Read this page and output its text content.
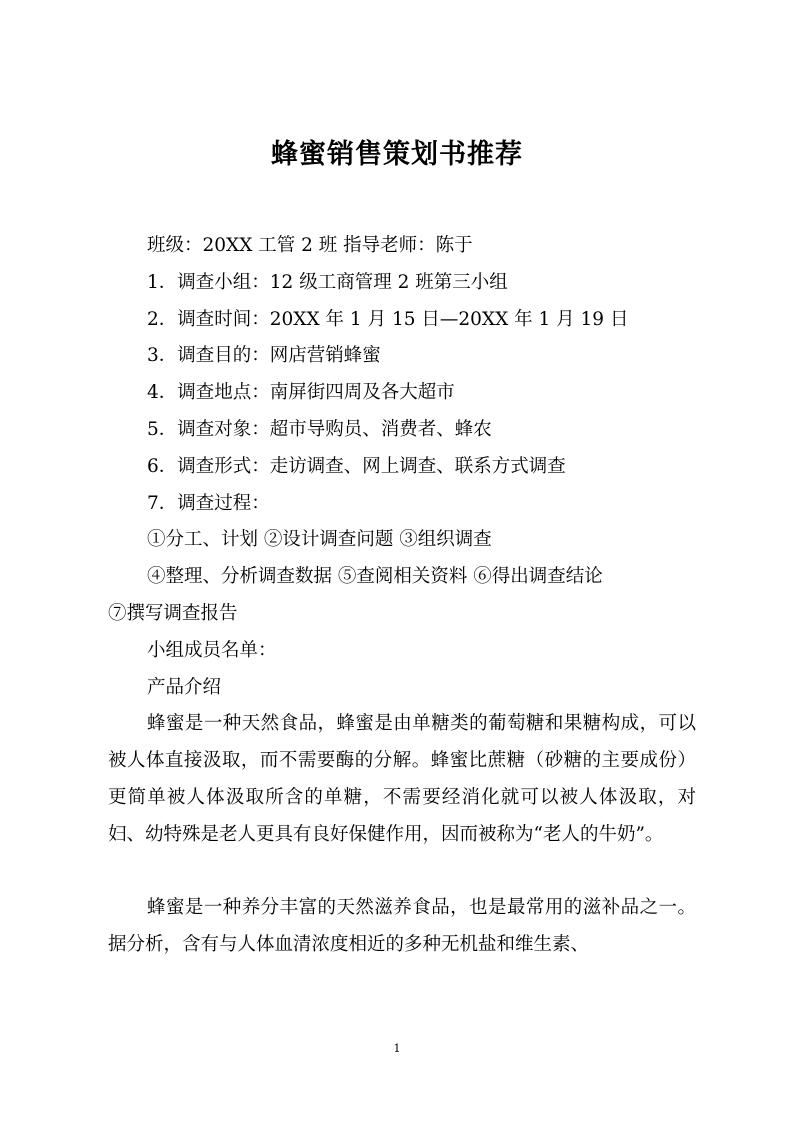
蜂蜜销售策划书推荐
班级：20XX 工管 2 班 指导老师：陈于
1．调查小组：12 级工商管理 2 班第三小组
2．调查时间：20XX 年 1 月 15 日—20XX 年 1 月 19 日
3．调查目的：网店营销蜂蜜
4．调查地点：南屏街四周及各大超市
5．调查对象：超市导购员、消费者、蜂农
6．调查形式：走访调查、网上调查、联系方式调查
7．调查过程：
①分工、计划 ②设计调查问题 ③组织调查
④整理、分析调查数据 ⑤查阅相关资料 ⑥得出调查结论
⑦撰写调查报告
小组成员名单：
产品介绍

蜂蜜是一种天然食品，蜂蜜是由单糖类的葡萄糖和果糖构成，可以被人体直接汲取，而不需要酶的分解。蜂蜜比蔗糖（砂糖的主要成份）更简单被人体汲取所含的单糖，不需要经消化就可以被人体汲取，对妇、幼特殊是老人更具有良好保健作用，因而被称为“老人的牛奶”。

蜂蜜是一种养分丰富的天然滋养食品，也是最常用的滋补品之一。据分析，含有与人体血清浓度相近的多种无机盐和维生素、

1
